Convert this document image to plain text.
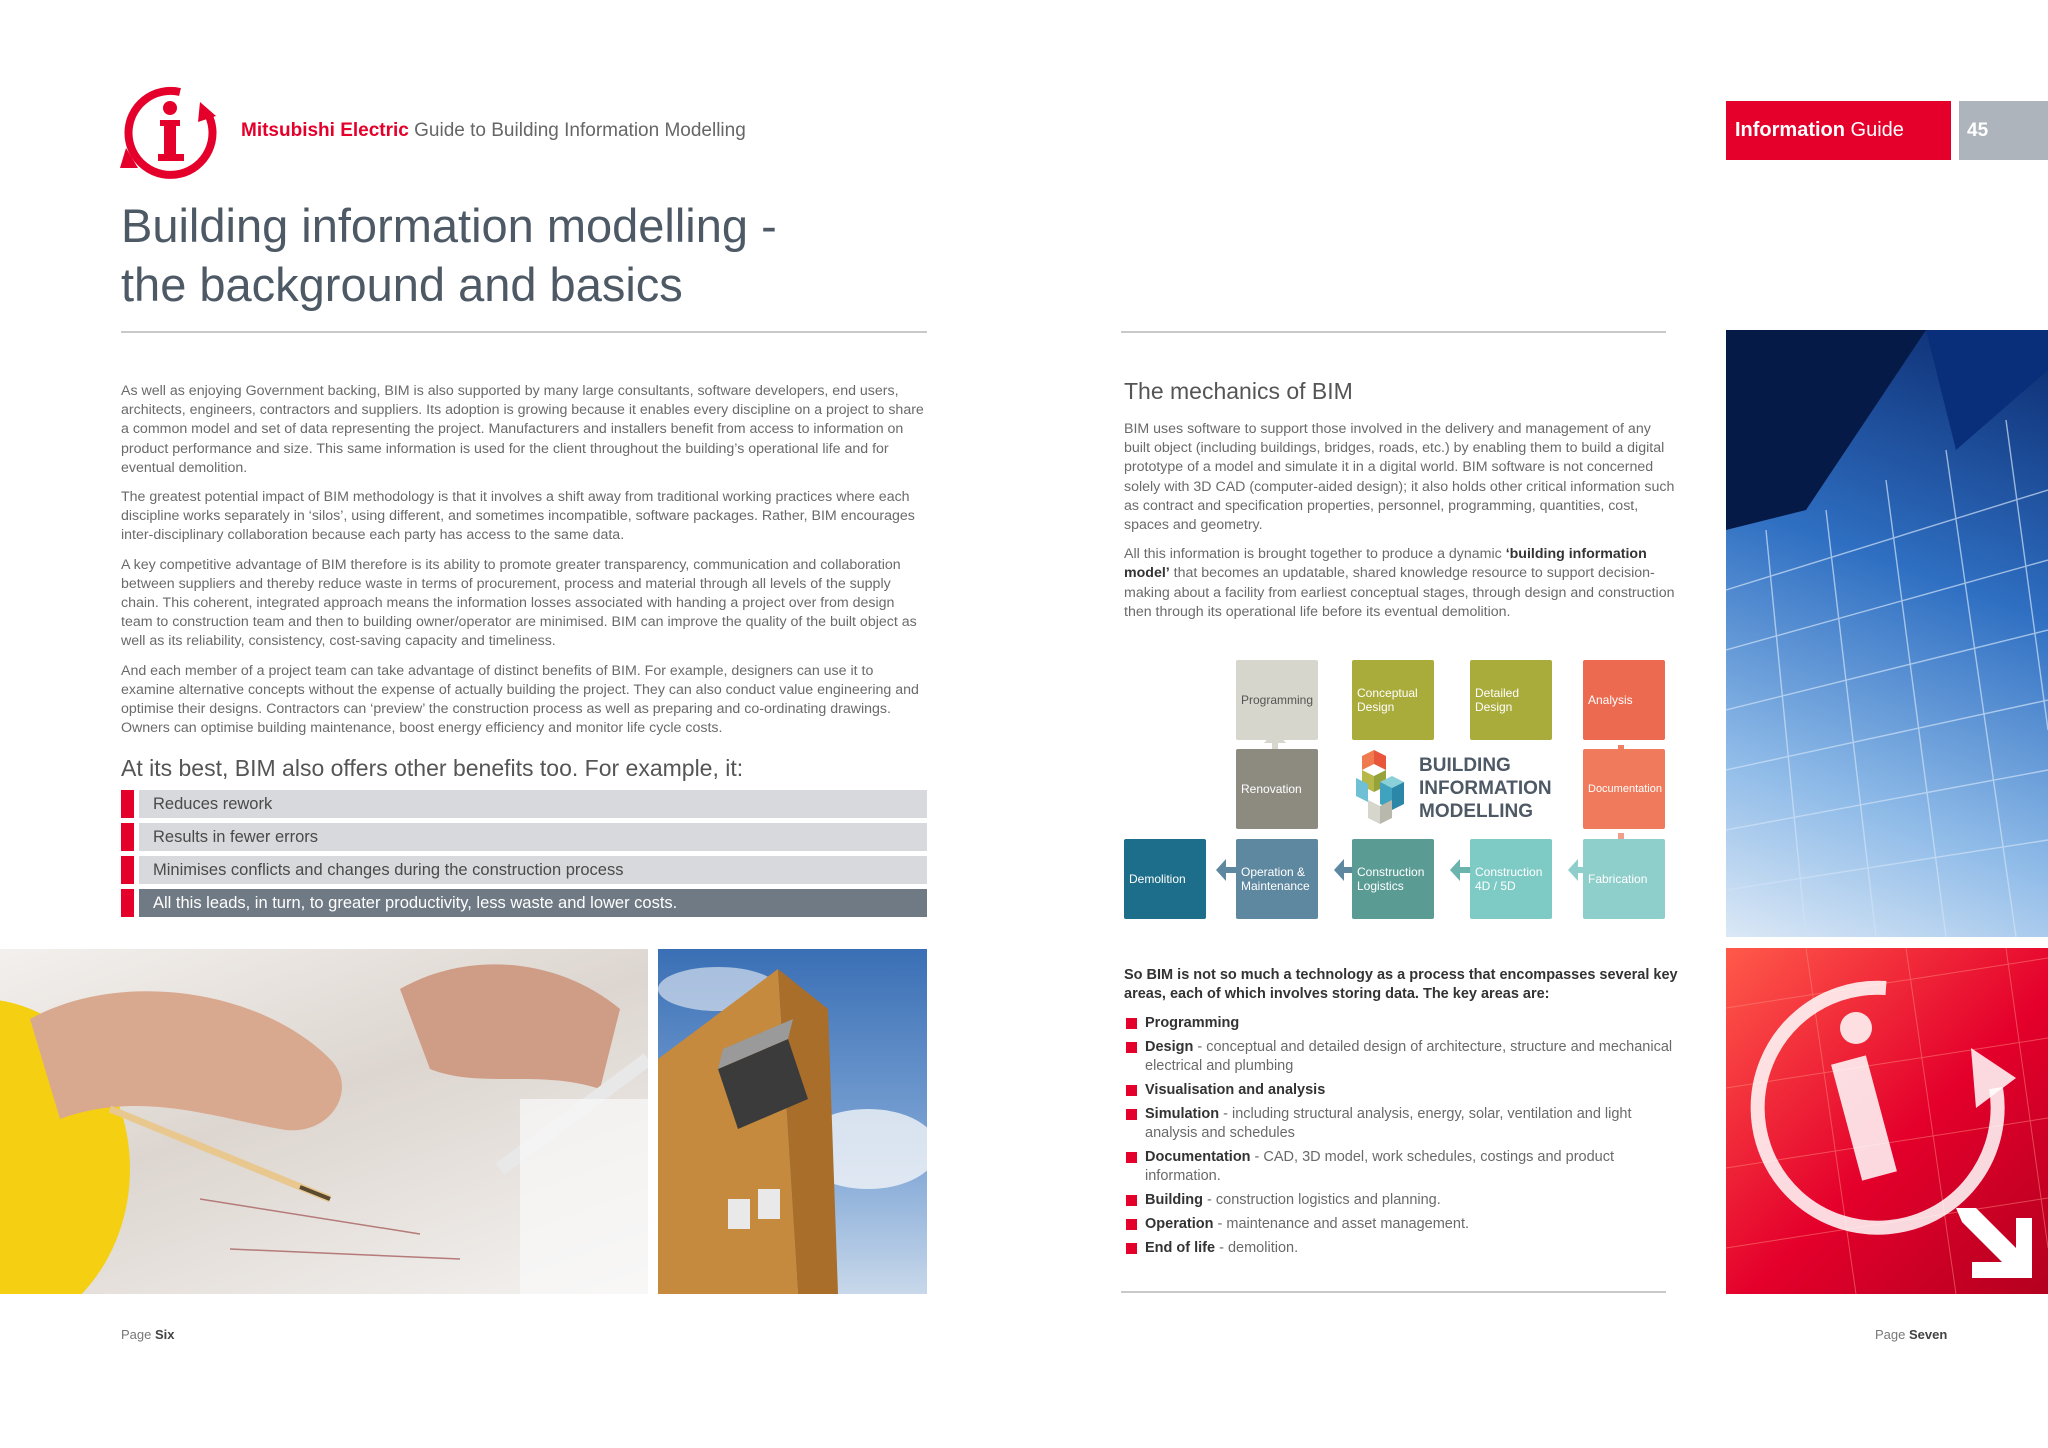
Mitsubishi Electric Guide to Building Information Modelling	Information Guide	45
Building information modelling -
the background and basics

As well as enjoying Government backing, BIM is also supported by many large consultants, software developers, end users, architects, engineers, contractors and suppliers. Its adoption is growing because it enables every discipline on a project to share a common model and set of data representing the project. Manufacturers and installers benefit from access to information on product performance and size. This same information is used for the client throughout the building’s operational life and for eventual demolition.

The greatest potential impact of BIM methodology is that it involves a shift away from traditional working practices where each discipline works separately in ‘silos’, using different, and sometimes incompatible, software packages. Rather, BIM encourages inter-disciplinary collaboration because each party has access to the same data.

A key competitive advantage of BIM therefore is its ability to promote greater transparency, communication and collaboration between suppliers and thereby reduce waste in terms of procurement, process and material through all levels of the supply chain. This coherent, integrated approach means the information losses associated with handing a project over from design team to construction team and then to building owner/operator are minimised. BIM can improve the quality of the built object as well as its reliability, consistency, cost-saving capacity and timeliness.

And each member of a project team can take advantage of distinct benefits of BIM. For example, designers can use it to examine alternative concepts without the expense of actually building the project. They can also conduct value engineering and optimise their designs. Contractors can ‘preview’ the construction process as well as preparing and co-ordinating drawings. Owners can optimise building maintenance, boost energy efficiency and monitor life cycle costs.

At its best, BIM also offers other benefits too. For example, it:
Reduces rework
Results in fewer errors
Minimises conflicts and changes during the construction process
All this leads, in turn, to greater productivity, less waste and lower costs.
The mechanics of BIM

BIM uses software to support those involved in the delivery and management of any built object (including buildings, bridges, roads, etc.) by enabling them to build a digital prototype of a model and simulate it in a digital world. BIM software is not concerned solely with 3D CAD (computer-aided design); it also holds other critical information such as contract and specification properties, personnel, programming, quantities, cost, spaces and geometry.

All this information is brought together to produce a dynamic ‘building information model’ that becomes an updatable, shared knowledge resource to support decision-making about a facility from earliest conceptual stages, through design and construction then through its operational life before its eventual demolition.

Programming	Conceptual Design
Detailed Design	Analysis
Renovation	Documentation
Demolition	Operation & Maintenance
Construction Logistics
Construction 4D / 5D	Fabrication
BUILDING
INFORMATION
MODELLING
So BIM is not so much a technology as a process that encompasses several key areas, each of which involves storing data. The key areas are:
Programming
Design - conceptual and detailed design of architecture, structure and mechanical electrical and plumbing
Visualisation and analysis
Simulation - including structural analysis, energy, solar, ventilation and light analysis and schedules
Documentation - CAD, 3D model, work schedules, costings and product information.
Building - construction logistics and planning.
Operation - maintenance and asset management.
End of life - demolition.
Page Six	Page Seven
